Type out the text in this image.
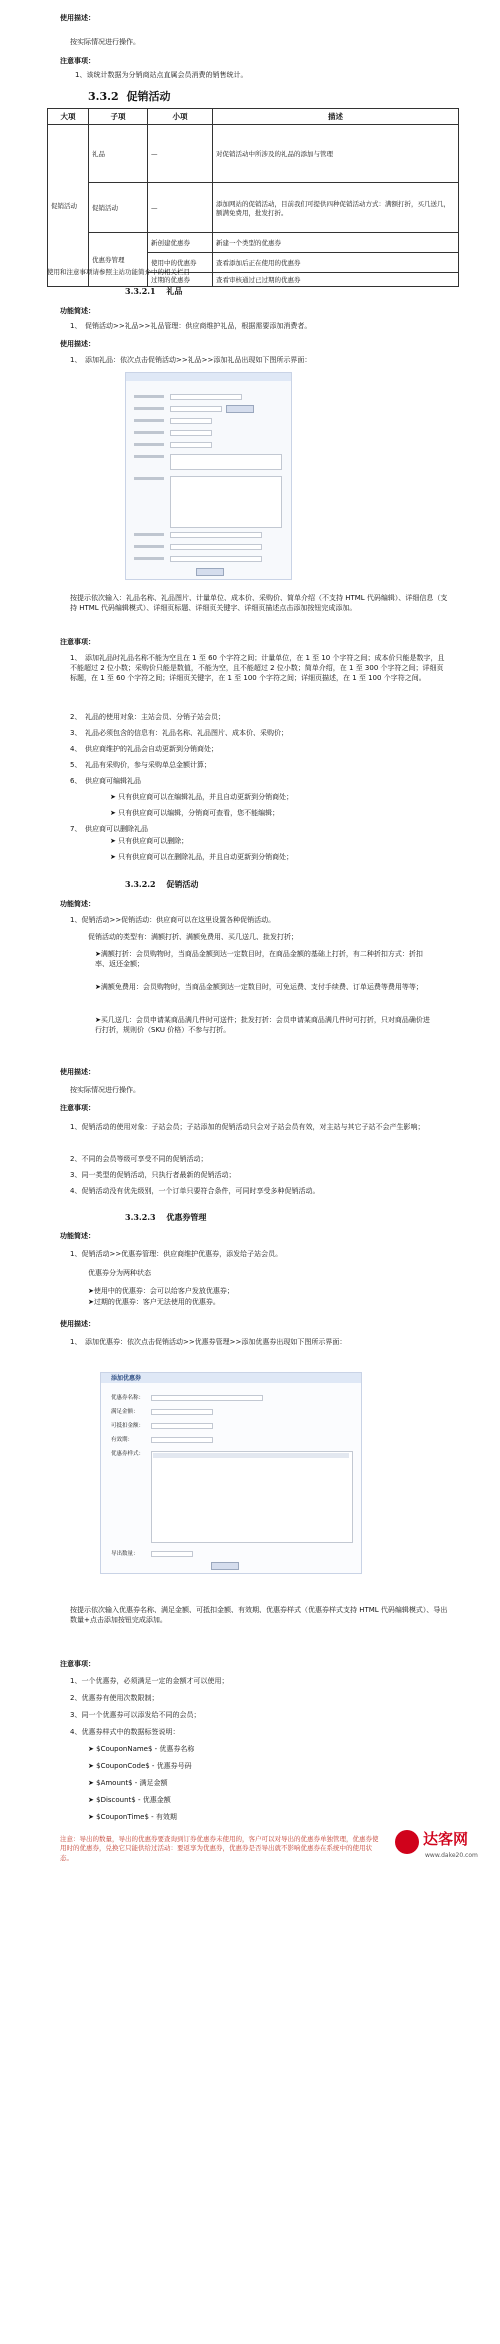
使用描述：
按实际情况进行操作。
注意事项：
1、该统计数据为分销商站点直属会员消费的销售统计。
3.3.2 促销活动
大项	子项	小项	描述
促销活动	礼品	—	对促销活动中所涉及的礼品的添加与管理
	促销活动	—	添加网站的促销活动，目前我们可提供四种促销活动方式：满额打折，买几送几，额满免费用，批发打折。
	优惠券管理	新创建优惠券	新建一个类型的优惠券
		使用中的优惠券	查看添加后正在使用的优惠券
		过期的优惠券	查看审核通过已过期的优惠券
使用和注意事项请参照主站功能简介中的相关栏目
3.3.2.1 礼品
功能简述：
1、　促销活动>>礼品>>礼品管理：供应商维护礼品，根据需要添加消费者。
使用描述：
1、　添加礼品：依次点击促销活动>>礼品>>添加礼品出现如下图所示界面：
按提示依次输入：礼品名称、礼品图片、计量单位、成本价、采购价、简单介绍（不支持 HTML 代码编辑）、详细信息（支持 HTML 代码编辑模式）、详细页标题、详细页关键字、详细页描述点击添加按钮完成添加。
注意事项：
1、　添加礼品时礼品名称不能为空且在 1 至 60 个字符之间；计量单位，在 1 至 10 个字符之间；成本价只能是数字，且不能超过 2 位小数；采购价只能是数值，不能为空，且不能超过 2 位小数；简单介绍，在 1 至 300 个字符之间；详细页标题，在 1 至 60 个字符之间；详细页关键字，在 1 至 100 个字符之间；详细页描述，在 1 至 100 个字符之间。
2、　礼品的使用对象：主站会员、分销子站会员；
3、　礼品必须包含的信息有：礼品名称、礼品图片、成本价、采购价；
4、　供应商维护的礼品会自动更新到分销商处；
5、　礼品有采购价，参与采购单总金额计算；
6、　供应商可编辑礼品
➤ 只有供应商可以在编辑礼品，并且自动更新到分销商处；
➤ 只有供应商可以编辑，分销商可查看，您不能编辑；
7、　供应商可以删除礼品
➤ 只有供应商可以删除；
➤ 只有供应商可以在删除礼品，并且自动更新到分销商处；
3.3.2.2 促销活动
功能简述：
1、促销活动>>促销活动：供应商可以在这里设置各种促销活动。
促销活动的类型有：满额打折、满额免费用、买几送几、批发打折；
➤满额打折：会员购物时，当商品金额到达一定数目时，在商品金额的基础上打折，有二种折扣方式：折扣率、返还金额；
➤满额免费用：会员购物时，当商品金额到达一定数目时，可免运费、支付手续费、订单运费等费用等等；
➤买几送几：会员申请某商品满几件时可送件；批发打折：会员申请某商品满几件时可打折，只对商品确价进行打折，规则价（SKU 价格）不参与打折。
使用描述：
按实际情况进行操作。
注意事项：
1、促销活动的使用对象：子站会员；子站添加的促销活动只会对子站会员有效，对主站与其它子站不会产生影响；
2、不同的会员等级可享受不同的促销活动；
3、同一类型的促销活动，只执行者最新的促销活动；
4、促销活动没有优先级别，一个订单只要符合条件，可同时享受多种促销活动。
3.3.2.3 优惠券管理
功能简述：
1、促销活动>>优惠券管理：供应商维护优惠券，添发给子站会员。
优惠券分为两种状态
➤使用中的优惠券：会可以给客户发放优惠券；
➤过期的优惠券：客户无法使用的优惠券。
使用描述：
1、　添加优惠券：依次点击促销活动>>优惠券管理>>添加优惠券出现如下图所示界面：
添加优惠券
优惠券名称：
满足金额：
可抵扣金额：
有效期：
优惠券样式：
导出数量：
按提示依次输入优惠券名称、满足金额、可抵扣金额、有效期、优惠券样式（优惠券样式支持 HTML 代码编辑模式）、导出数量+点击添加按钮完成添加。
注意事项：
1、一个优惠券，必须满足一定的金额才可以使用；
2、优惠券有使用次数限制；
3、同一个优惠券可以添发给不同的会员；
4、优惠券样式中的数据标签说明：
➤ $CouponName$ - 优惠券名称
➤ $CouponCode$ - 优惠券号码
➤ $Amount$ - 满足金额
➤ $Discount$ - 优惠金额
➤ $CouponTime$ - 有效期
注意：导出的数量，导出的优惠券要查询到订券优惠券未使用的，客户可以对导出的优惠券单独管理，优惠券使用时的优惠券，兑换它只能供给过活动：要返享为优惠券，优惠券是否导出就不影响优惠券在系统中的使用状态。
达客网
www.dake20.com
